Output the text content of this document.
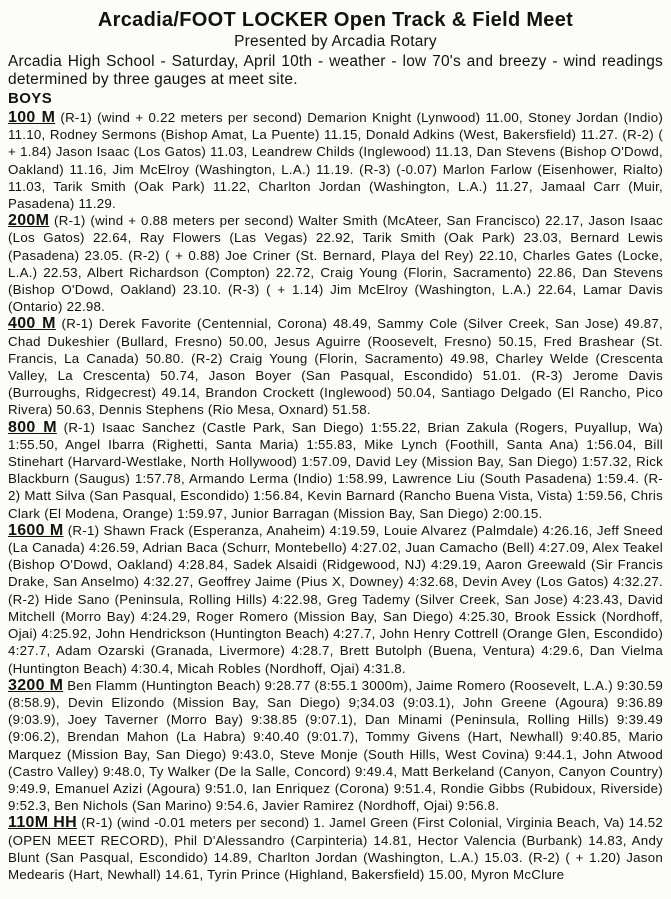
Arcadia/FOOT LOCKER Open Track & Field Meet
Presented by Arcadia Rotary
Arcadia High School - Saturday, April 10th - weather - low 70's and breezy - wind readings determined by three gauges at meet site.
BOYS

100 M (R-1) (wind + 0.22 meters per second) Demarion Knight (Lynwood) 11.00, Stoney Jordan (Indio) 11.10, Rodney Sermons (Bishop Amat, La Puente) 11.15, Donald Adkins (West, Bakersfield) 11.27. (R-2) ( + 1.84) Jason Isaac (Los Gatos) 11.03, Leandrew Childs (Inglewood) 11.13, Dan Stevens (Bishop O'Dowd, Oakland) 11.16, Jim McElroy (Washington, L.A.) 11.19. (R-3) (-0.07) Marlon Farlow (Eisenhower, Rialto) 11.03, Tarik Smith (Oak Park) 11.22, Charlton Jordan (Washington, L.A.) 11.27, Jamaal Carr (Muir, Pasadena) 11.29.

200M (R-1) (wind + 0.88 meters per second) Walter Smith (McAteer, San Francisco) 22.17, Jason Isaac (Los Gatos) 22.64, Ray Flowers (Las Vegas) 22.92, Tarik Smith (Oak Park) 23.03, Bernard Lewis (Pasadena) 23.05. (R-2) ( + 0.88) Joe Criner (St. Bernard, Playa del Rey) 22.10, Charles Gates (Locke, L.A.) 22.53, Albert Richardson (Compton) 22.72, Craig Young (Florin, Sacramento) 22.86, Dan Stevens (Bishop O'Dowd, Oakland) 23.10. (R-3) ( + 1.14) Jim McElroy (Washington, L.A.) 22.64, Lamar Davis (Ontario) 22.98.

400 M (R-1) Derek Favorite (Centennial, Corona) 48.49, Sammy Cole (Silver Creek, San Jose) 49.87, Chad Dukeshier (Bullard, Fresno) 50.00, Jesus Aguirre (Roosevelt, Fresno) 50.15, Fred Brashear (St. Francis, La Canada) 50.80. (R-2) Craig Young (Florin, Sacramento) 49.98, Charley Welde (Crescenta Valley, La Crescenta) 50.74, Jason Boyer (San Pasqual, Escondido) 51.01. (R-3) Jerome Davis (Burroughs, Ridgecrest) 49.14, Brandon Crockett (Inglewood) 50.04, Santiago Delgado (El Rancho, Pico Rivera) 50.63, Dennis Stephens (Rio Mesa, Oxnard) 51.58.

800 M (R-1) Isaac Sanchez (Castle Park, San Diego) 1:55.22, Brian Zakula (Rogers, Puyallup, Wa) 1:55.50, Angel Ibarra (Righetti, Santa Maria) 1:55.83, Mike Lynch (Foothill, Santa Ana) 1:56.04, Bill Stinehart (Harvard-Westlake, North Hollywood) 1:57.09, David Ley (Mission Bay, San Diego) 1:57.32, Rick Blackburn (Saugus) 1:57.78, Armando Lerma (Indio) 1:58.99, Lawrence Liu (South Pasadena) 1:59.4. (R-2) Matt Silva (San Pasqual, Escondido) 1:56.84, Kevin Barnard (Rancho Buena Vista, Vista) 1:59.56, Chris Clark (El Modena, Orange) 1:59.97, Junior Barragan (Mission Bay, San Diego) 2:00.15.

1600 M (R-1) Shawn Frack (Esperanza, Anaheim) 4:19.59, Louie Alvarez (Palmdale) 4:26.16, Jeff Sneed (La Canada) 4:26.59, Adrian Baca (Schurr, Montebello) 4:27.02, Juan Camacho (Bell) 4:27.09, Alex Teakel (Bishop O'Dowd, Oakland) 4:28.84, Sadek Alsaidi (Ridgewood, NJ) 4:29.19, Aaron Greewald (Sir Francis Drake, San Anselmo) 4:32.27, Geoffrey Jaime (Pius X, Downey) 4:32.68, Devin Avey (Los Gatos) 4:32.27. (R-2) Hide Sano (Peninsula, Rolling Hills) 4:22.98, Greg Tademy (Silver Creek, San Jose) 4:23.43, David Mitchell (Morro Bay) 4:24.29, Roger Romero (Mission Bay, San Diego) 4:25.30, Brook Essick (Nordhoff, Ojai) 4:25.92, John Hendrickson (Huntington Beach) 4:27.7, John Henry Cottrell (Orange Glen, Escondido) 4:27.7, Adam Ozarski (Granada, Livermore) 4:28.7, Brett Butolph (Buena, Ventura) 4:29.6, Dan Vielma (Huntington Beach) 4:30.4, Micah Robles (Nordhoff, Ojai) 4:31.8.

3200 M Ben Flamm (Huntington Beach) 9:28.77 (8:55.1 3000m), Jaime Romero (Roosevelt, L.A.) 9:30.59 (8:58.9), Devin Elizondo (Mission Bay, San Diego) 9;34.03 (9:03.1), John Greene (Agoura) 9:36.89 (9:03.9), Joey Taverner (Morro Bay) 9:38.85 (9:07.1), Dan Minami (Peninsula, Rolling Hills) 9:39.49 (9:06.2), Brendan Mahon (La Habra) 9:40.40 (9:01.7), Tommy Givens (Hart, Newhall) 9:40.85, Mario Marquez (Mission Bay, San Diego) 9:43.0, Steve Monje (South Hills, West Covina) 9:44.1, John Atwood (Castro Valley) 9:48.0, Ty Walker (De la Salle, Concord) 9:49.4, Matt Berkeland (Canyon, Canyon Country) 9:49.9, Emanuel Azizi (Agoura) 9:51.0, Ian Enriquez (Corona) 9:51.4, Rondie Gibbs (Rubidoux, Riverside) 9:52.3, Ben Nichols (San Marino) 9:54.6, Javier Ramirez (Nordhoff, Ojai) 9:56.8.

110M HH (R-1) (wind -0.01 meters per second) 1. Jamel Green (First Colonial, Virginia Beach, Va) 14.52 (OPEN MEET RECORD), Phil D'Alessandro (Carpinteria) 14.81, Hector Valencia (Burbank) 14.83, Andy Blunt (San Pasqual, Escondido) 14.89, Charlton Jordan (Washington, L.A.) 15.03. (R-2) ( + 1.20) Jason Medearis (Hart, Newhall) 14.61, Tyrin Prince (Highland, Bakersfield) 15.00, Myron McClure
